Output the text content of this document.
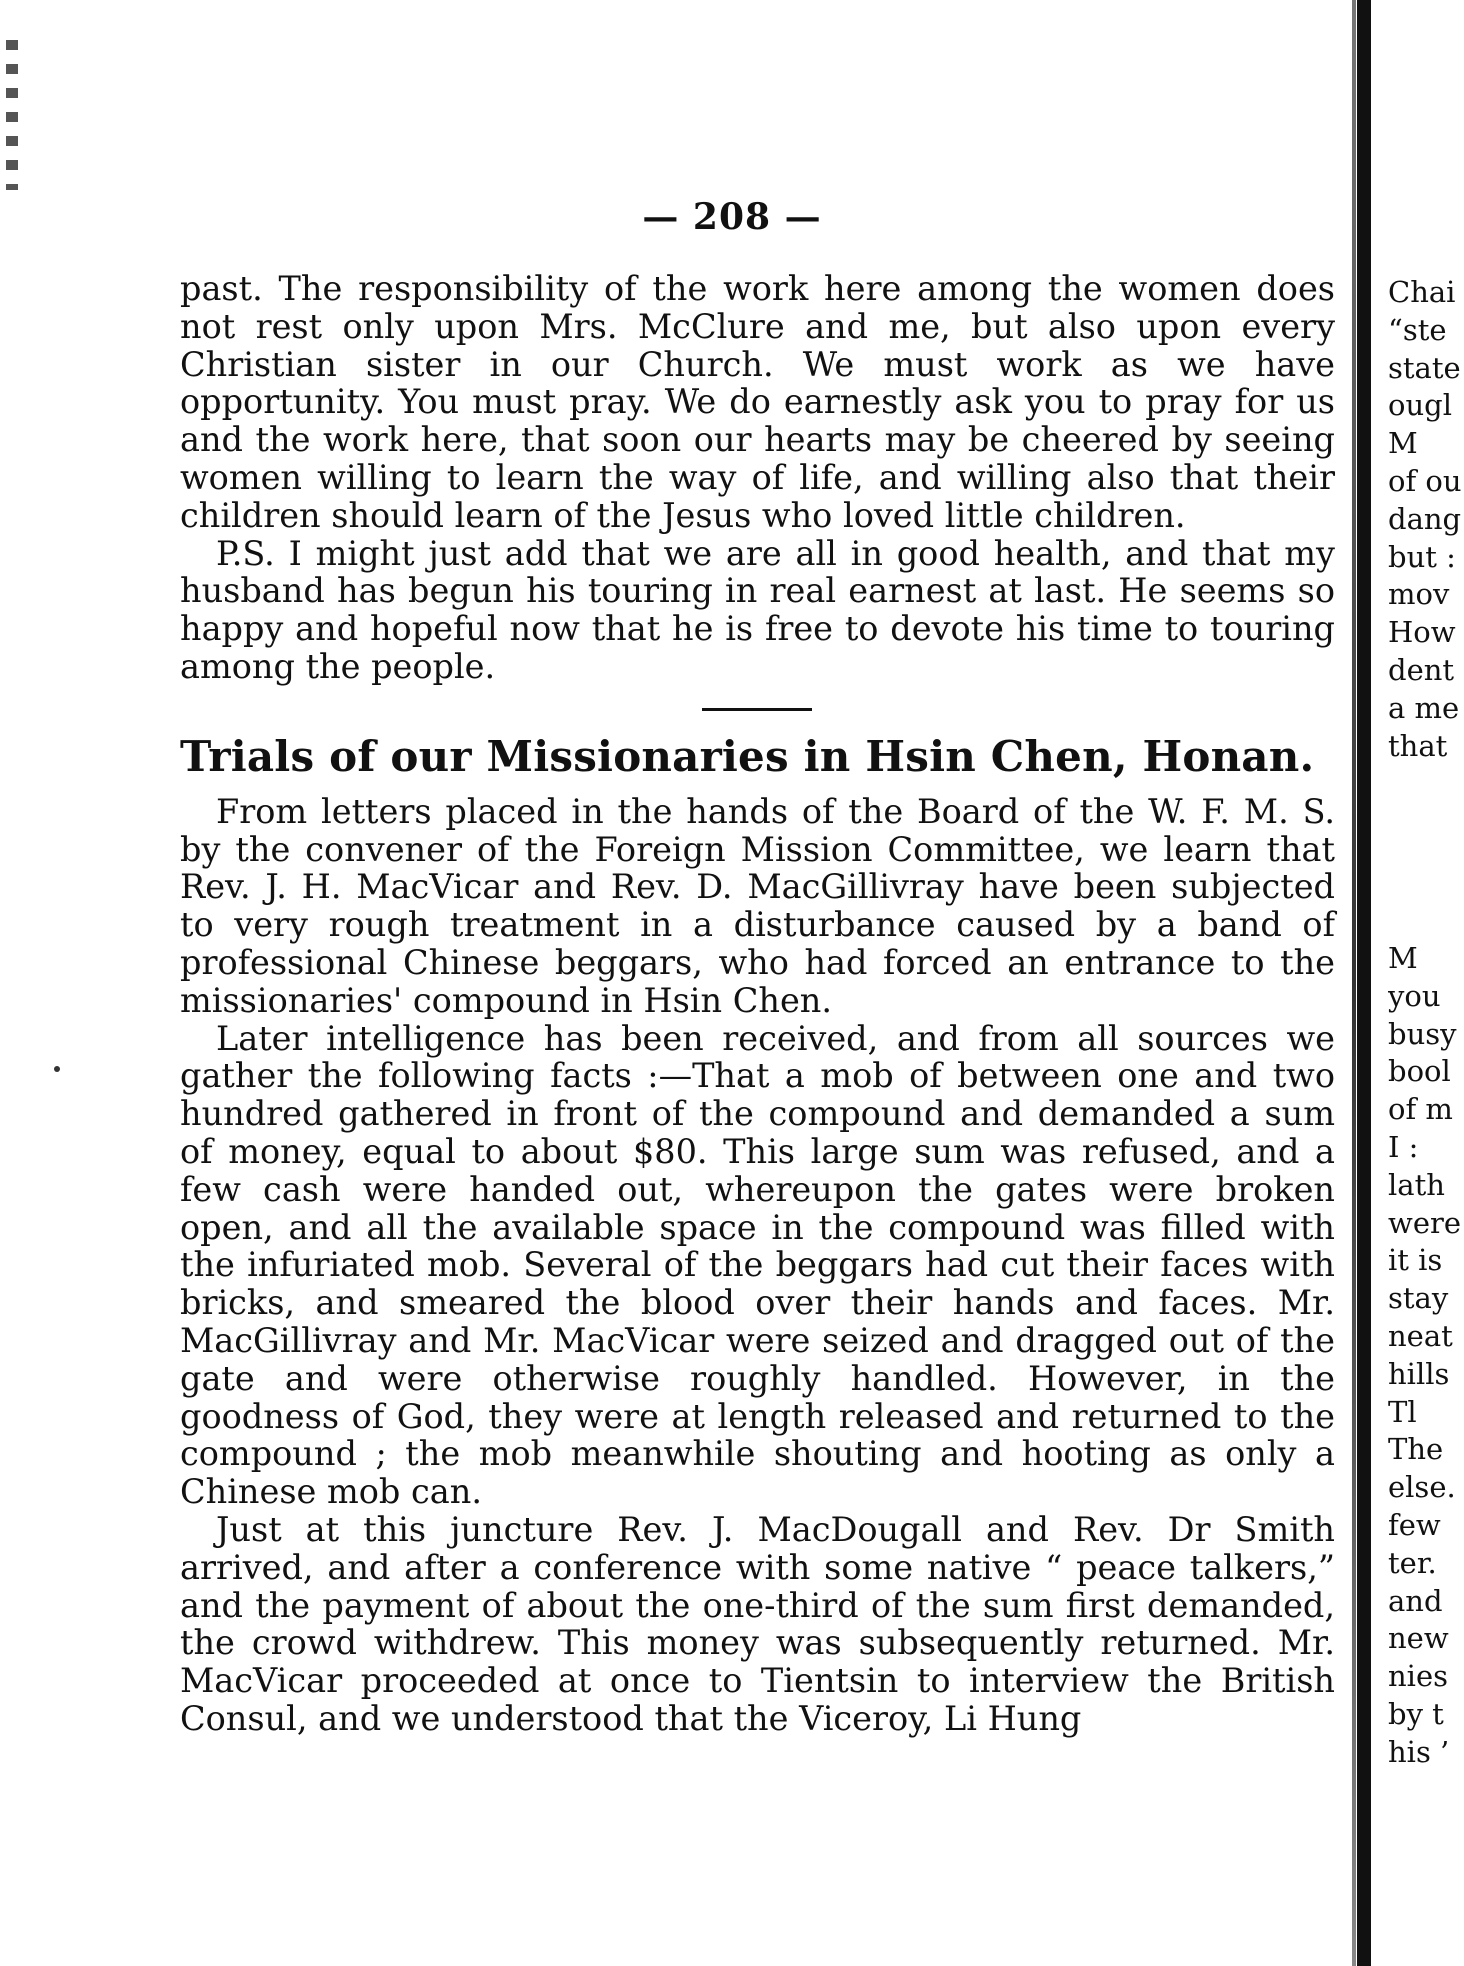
— 208 —

past. The responsibility of the work here among the women does not rest only upon Mrs. McClure and me, but also upon every Christian sister in our Church. We must work as we have opportunity. You must pray. We do earnestly ask you to pray for us and the work here, that soon our hearts may be cheered by seeing women willing to learn the way of life, and willing also that their children should learn of the Jesus who loved little children.

P.S. I might just add that we are all in good health, and that my husband has begun his touring in real earnest at last. He seems so happy and hopeful now that he is free to devote his time to touring among the people.

Trials of our Missionaries in Hsin Chen, Honan.

From letters placed in the hands of the Board of the W. F. M. S. by the convener of the Foreign Mission Committee, we learn that Rev. J. H. MacVicar and Rev. D. MacGillivray have been subjected to very rough treatment in a disturbance caused by a band of professional Chinese beggars, who had forced an entrance to the missionaries' compound in Hsin Chen.

Later intelligence has been received, and from all sources we gather the following facts :—That a mob of between one and two hundred gathered in front of the compound and demanded a sum of money, equal to about $80. This large sum was refused, and a few cash were handed out, whereupon the gates were broken open, and all the available space in the compound was filled with the infuriated mob. Several of the beggars had cut their faces with bricks, and smeared the blood over their hands and faces. Mr. MacGillivray and Mr. MacVicar were seized and dragged out of the gate and were otherwise roughly handled. However, in the goodness of God, they were at length released and returned to the compound ; the mob meanwhile shouting and hooting as only a Chinese mob can.

Just at this juncture Rev. J. MacDougall and Rev. Dr Smith arrived, and after a conference with some native “ peace talkers,” and the payment of about the one-third of the sum first demanded, the crowd withdrew. This money was subsequently returned. Mr. MacVicar proceeded at once to Tientsin to interview the British Consul, and we understood that the Viceroy, Li Hung

Chai
“ste
state
ougl
M
of ou
dang
but :
mov
How
dent
a me
that
M
you
busy
bool
of m
I :
lath
were
it is
stay
neat
hills
Tl
The
else.
few
ter.
and
new
nies
by t
his ’
